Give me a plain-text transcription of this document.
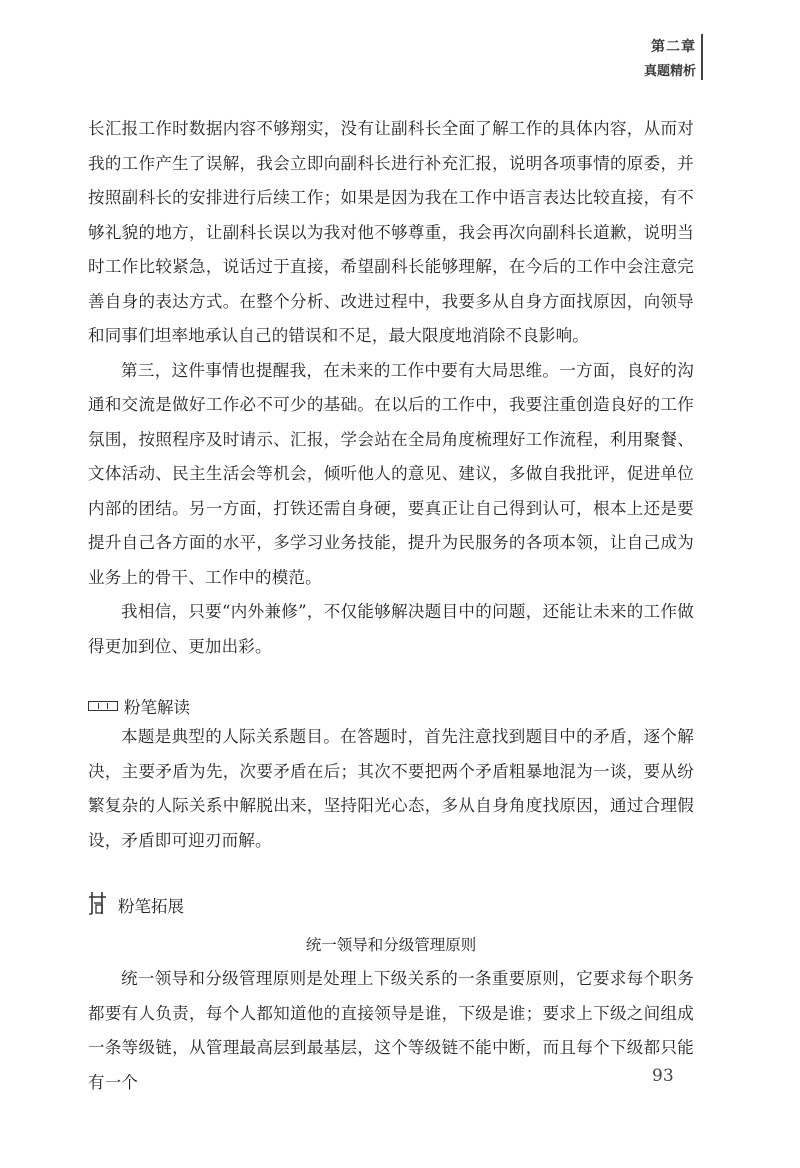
第二章
真题精析

长汇报工作时数据内容不够翔实，没有让副科长全面了解工作的具体内容，从而对我的工作产生了误解，我会立即向副科长进行补充汇报，说明各项事情的原委，并按照副科长的安排进行后续工作；如果是因为我在工作中语言表达比较直接，有不够礼貌的地方，让副科长误以为我对他不够尊重，我会再次向副科长道歉，说明当时工作比较紧急，说话过于直接，希望副科长能够理解，在今后的工作中会注意完善自身的表达方式。在整个分析、改进过程中，我要多从自身方面找原因，向领导和同事们坦率地承认自己的错误和不足，最大限度地消除不良影响。

第三，这件事情也提醒我，在未来的工作中要有大局思维。一方面，良好的沟通和交流是做好工作必不可少的基础。在以后的工作中，我要注重创造良好的工作氛围，按照程序及时请示、汇报，学会站在全局角度梳理好工作流程，利用聚餐、文体活动、民主生活会等机会，倾听他人的意见、建议，多做自我批评，促进单位内部的团结。另一方面，打铁还需自身硬，要真正让自己得到认可，根本上还是要提升自己各方面的水平，多学习业务技能，提升为民服务的各项本领，让自己成为业务上的骨干、工作中的模范。

我相信，只要“内外兼修”，不仅能够解决题目中的问题，还能让未来的工作做得更加到位、更加出彩。

粉笔解读

本题是典型的人际关系题目。在答题时，首先注意找到题目中的矛盾，逐个解决，主要矛盾为先，次要矛盾在后；其次不要把两个矛盾粗暴地混为一谈，要从纷繁复杂的人际关系中解脱出来，坚持阳光心态，多从自身角度找原因，通过合理假设，矛盾即可迎刃而解。

粉笔拓展

统一领导和分级管理原则

统一领导和分级管理原则是处理上下级关系的一条重要原则，它要求每个职务都要有人负责，每个人都知道他的直接领导是谁，下级是谁；要求上下级之间组成一条等级链，从管理最高层到最基层，这个等级链不能中断，而且每个下级都只能有一个	93
